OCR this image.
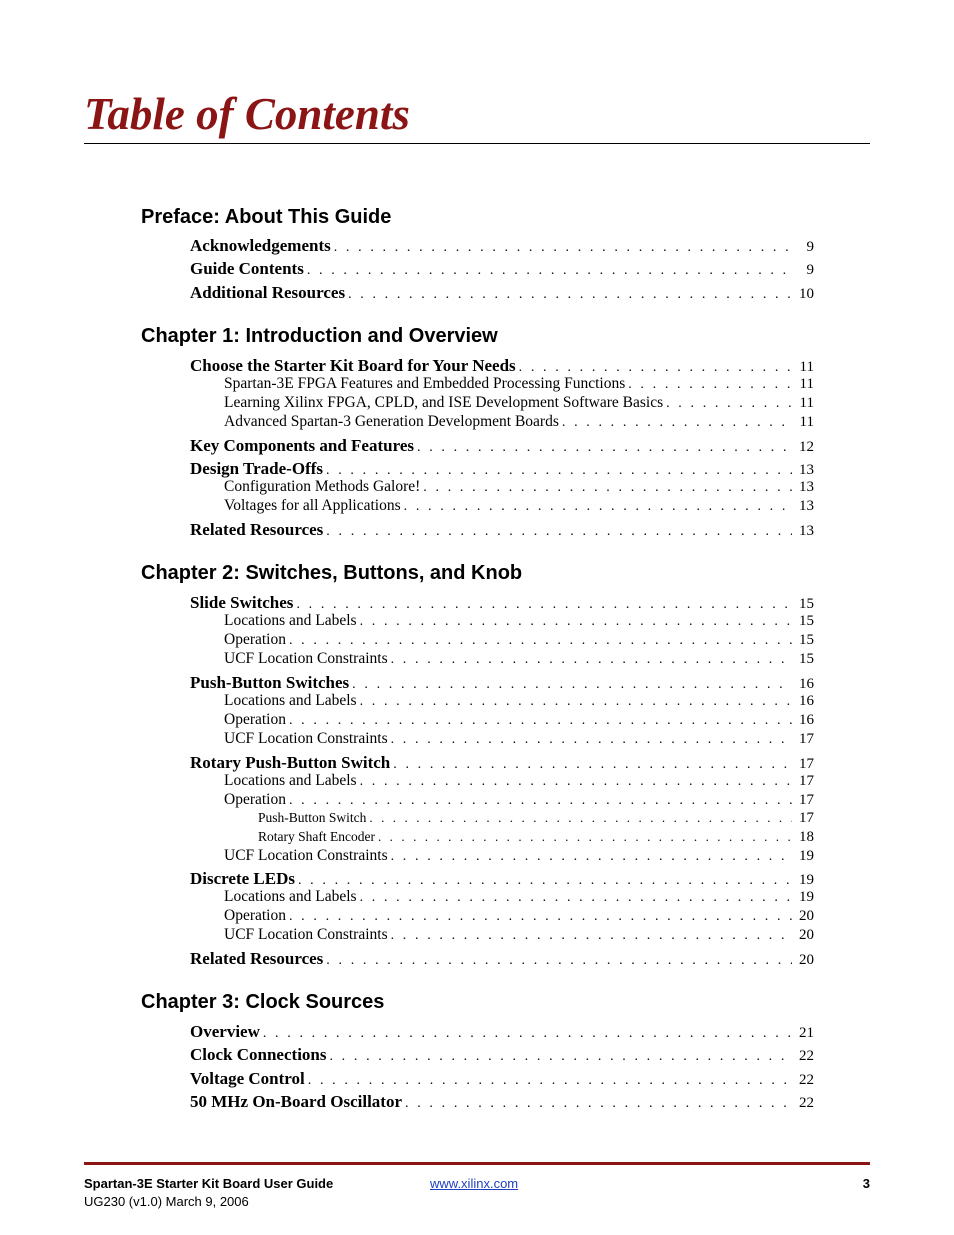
Table of Contents
Preface: About This Guide
Acknowledgements . . .	9
Guide Contents . . .	9
Additional Resources . . .	10
Chapter 1: Introduction and Overview
Choose the Starter Kit Board for Your Needs . . .	11
Spartan-3E FPGA Features and Embedded Processing Functions . . .	11
Learning Xilinx FPGA, CPLD, and ISE Development Software Basics . . .	11
Advanced Spartan-3 Generation Development Boards . . .	11
Key Components and Features . . .	12
Design Trade-Offs . . .	13
Configuration Methods Galore! . . .	13
Voltages for all Applications . . .	13
Related Resources . . .	13
Chapter 2: Switches, Buttons, and Knob
Slide Switches . . .	15
Locations and Labels . . .	15
Operation . . .	15
UCF Location Constraints . . .	15
Push-Button Switches . . .	16
Locations and Labels . . .	16
Operation . . .	16
UCF Location Constraints . . .	17
Rotary Push-Button Switch . . .	17
Locations and Labels . . .	17
Operation . . .	17
Push-Button Switch . . .	17
Rotary Shaft Encoder . . .	18
UCF Location Constraints . . .	19
Discrete LEDs . . .	19
Locations and Labels . . .	19
Operation . . .	20
UCF Location Constraints . . .	20
Related Resources . . .	20
Chapter 3: Clock Sources
Overview . . .	21
Clock Connections . . .	22
Voltage Control . . .	22
50 MHz On-Board Oscillator . . .	22
Spartan-3E Starter Kit Board User Guide
UG230 (v1.0) March 9, 2006
www.xilinx.com	3
